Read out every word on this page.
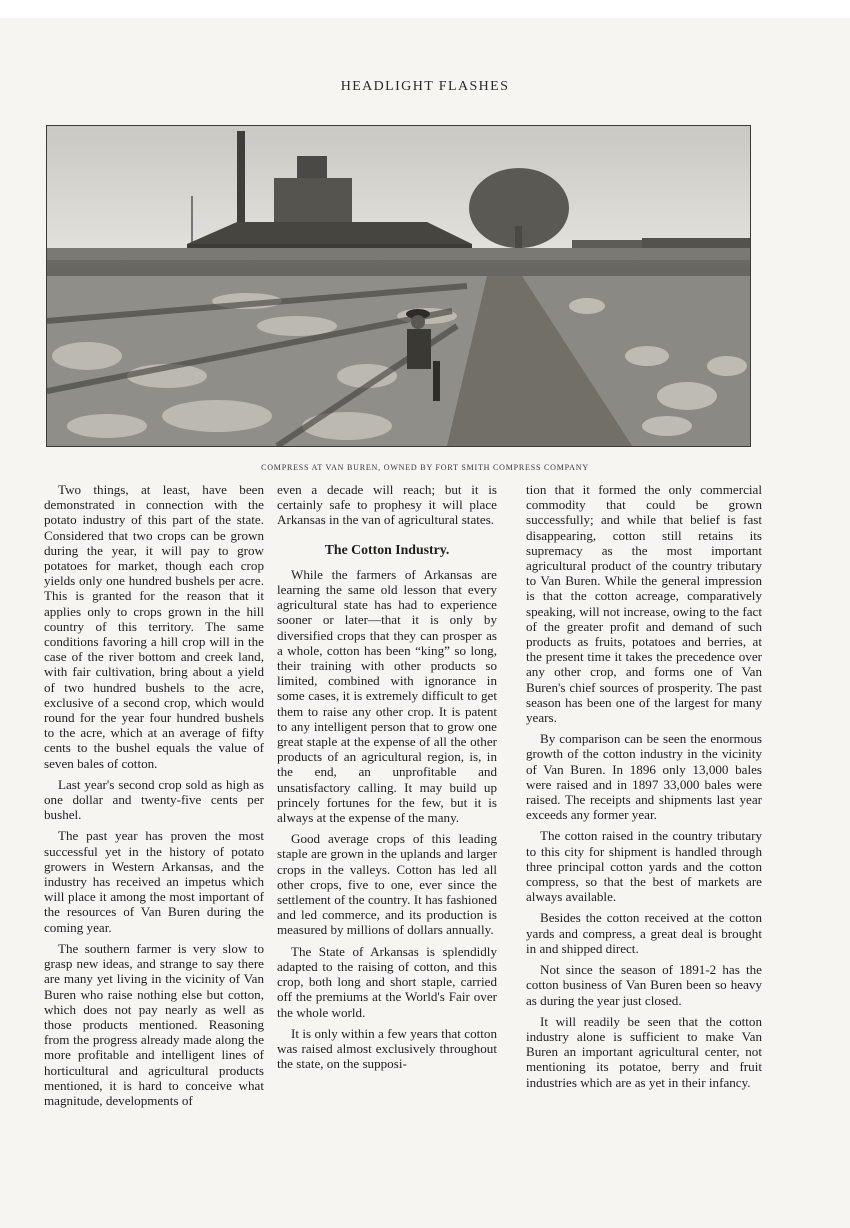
HEADLIGHT FLASHES
COMPRESS AT VAN BUREN, OWNED BY FORT SMITH COMPRESS COMPANY

Two things, at least, have been demonstrated in connection with the potato industry of this part of the state. Considered that two crops can be grown during the year, it will pay to grow potatoes for market, though each crop yields only one hundred bushels per acre. This is granted for the reason that it applies only to crops grown in the hill country of this territory. The same conditions favoring a hill crop will in the case of the river bottom and creek land, with fair cultivation, bring about a yield of two hundred bushels to the acre, exclusive of a second crop, which would round for the year four hundred bushels to the acre, which at an average of fifty cents to the bushel equals the value of seven bales of cotton.

Last year's second crop sold as high as one dollar and twenty-five cents per bushel.

The past year has proven the most successful yet in the history of potato growers in Western Arkansas, and the industry has received an impetus which will place it among the most important of the resources of Van Buren during the coming year.

The southern farmer is very slow to grasp new ideas, and strange to say there are many yet living in the vicinity of Van Buren who raise nothing else but cotton, which does not pay nearly as well as those products mentioned. Reasoning from the progress already made along the more profitable and intelligent lines of horticultural and agricultural products mentioned, it is hard to conceive what magnitude, developments of

even a decade will reach; but it is certainly safe to prophesy it will place Arkansas in the van of agricultural states.

The Cotton Industry.

While the farmers of Arkansas are learning the same old lesson that every agricultural state has had to experience sooner or later—that it is only by diversified crops that they can prosper as a whole, cotton has been “king” so long, their training with other products so limited, combined with ignorance in some cases, it is extremely difficult to get them to raise any other crop. It is patent to any intelligent person that to grow one great staple at the expense of all the other products of an agricultural region, is, in the end, an unprofitable and unsatisfactory calling. It may build up princely fortunes for the few, but it is always at the expense of the many.

Good average crops of this leading staple are grown in the uplands and larger crops in the valleys. Cotton has led all other crops, five to one, ever since the settlement of the country. It has fashioned and led commerce, and its production is measured by millions of dollars annually.

The State of Arkansas is splendidly adapted to the raising of cotton, and this crop, both long and short staple, carried off the premiums at the World's Fair over the whole world.

It is only within a few years that cotton was raised almost exclusively throughout the state, on the supposi-

tion that it formed the only commercial commodity that could be grown successfully; and while that belief is fast disappearing, cotton still retains its supremacy as the most important agricultural product of the country tributary to Van Buren. While the general impression is that the cotton acreage, comparatively speaking, will not increase, owing to the fact of the greater profit and demand of such products as fruits, potatoes and berries, at the present time it takes the precedence over any other crop, and forms one of Van Buren's chief sources of prosperity. The past season has been one of the largest for many years.

By comparison can be seen the enormous growth of the cotton industry in the vicinity of Van Buren. In 1896 only 13,000 bales were raised and in 1897 33,000 bales were raised. The receipts and shipments last year exceeds any former year.

The cotton raised in the country tributary to this city for shipment is handled through three principal cotton yards and the cotton compress, so that the best of markets are always available.

Besides the cotton received at the cotton yards and compress, a great deal is brought in and shipped direct.

Not since the season of 1891-2 has the cotton business of Van Buren been so heavy as during the year just closed.

It will readily be seen that the cotton industry alone is sufficient to make Van Buren an important agricultural center, not mentioning its potatoe, berry and fruit industries which are as yet in their infancy.
